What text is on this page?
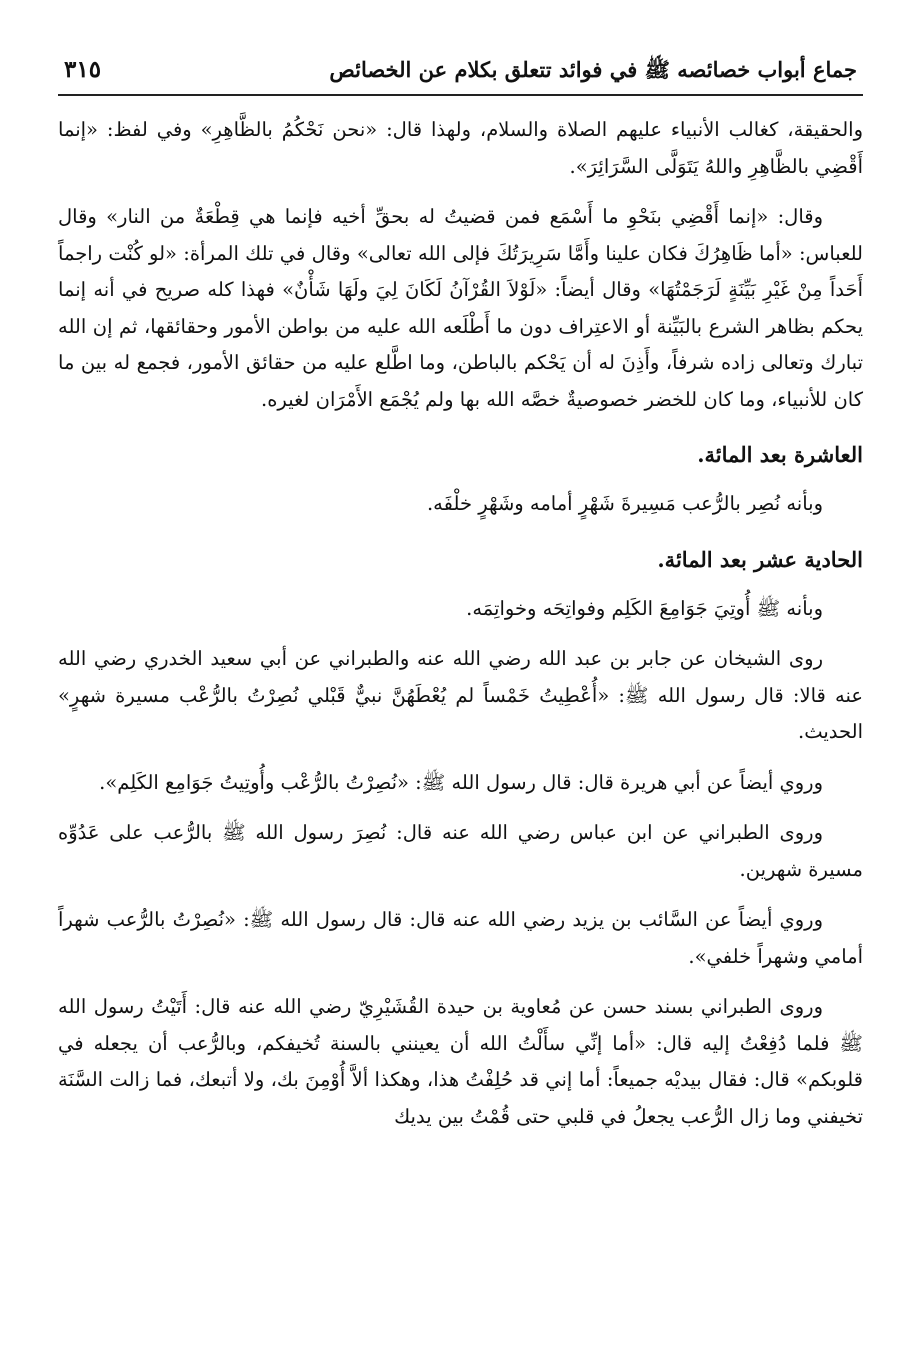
جماع أبواب خصائصه ﷺ في فوائد تتعلق بكلام عن الخصائص
٣١٥

والحقيقة، كغالب الأنبياء عليهم الصلاة والسلام، ولهذا قال: «نحن نَحْكُمُ بالظَّاهِرِ» وفي لفظ: «إنما أَقْضِي بالظَّاهِرِ واللهُ يَتَوَلَّى السَّرَائِرَ».

وقال: «إنما أَقْضِي بنَحْوِ ما أَسْمَع فمن قضيتُ له بحقِّ أخيه فإنما هي قِطْعَةٌ من النار» وقال للعباس: «أما ظَاهِرُكَ فكان علينا وأَمَّا سَرِيرَتُكَ فإلى الله تعالى» وقال في تلك المرأة: «لو كُنْت راجماً أَحَداً مِنْ غَيْرِ بَيِّنَةٍ لَرَجَمْتُهَا» وقال أيضاً: «لَوْلاَ القُرْآنُ لَكَانَ لِيَ ولَهَا شَأْنٌ» فهذا كله صريح في أنه إنما يحكم بظاهر الشرع بالبَيِّنة أو الاعتِراف دون ما أَطْلَعه الله عليه من بواطن الأمور وحقائقها، ثم إن الله تبارك وتعالى زاده شرفاً، وأَذِنَ له أن يَحْكم بالباطن، وما اطَّلع عليه من حقائق الأمور، فجمع له بين ما كان للأنبياء، وما كان للخضر خصوصيةٌ خصَّه الله بها ولم يُجْمَع الأَمْرَان لغيره.

العاشرة بعد المائة.

وبأنه نُصِر بالرُّعب مَسِيرةَ شَهْرٍ أمامه وشَهْرٍ خلْفَه.

الحادية عشر بعد المائة.

وبأنه ﷺ أُوتِيَ جَوَامِعَ الكَلِم وفواتِحَه وخواتِمَه.

روى الشيخان عن جابر بن عبد الله رضي الله عنه والطبراني عن أبي سعيد الخدري رضي الله عنه قالا: قال رسول الله ﷺ: «أُعْطِيتُ خَمْساً لم يُعْطَهُنَّ نبيٌّ قَبْلي نُصِرْتُ بالرُّعْب مسيرة شهرٍ» الحديث.

وروي أيضاً عن أبي هريرة قال: قال رسول الله ﷺ: «نُصِرْتُ بالرُّعْب وأُوتِيتُ جَوَامِع الكَلِم».

وروى الطبراني عن ابن عباس رضي الله عنه قال: نُصِرَ رسول الله ﷺ بالرُّعب على عَدُوِّه مسيرة شهرين.

وروي أيضاً عن السَّائب بن يزيد رضي الله عنه قال: قال رسول الله ﷺ: «نُصِرْتُ بالرُّعب شهراً أمامي وشهراً خلفي».

وروى الطبراني بسند حسن عن مُعاوية بن حيدة القُشَيْرِيّ رضي الله عنه قال: أَتَيْتُ رسول الله ﷺ فلما دُفِعْتُ إليه قال: «أما إنِّي سأَلْتُ الله أن يعينني بالسنة تُخيفكم، وبالرُّعب أن يجعله في قلوبكم» قال: فقال بيديْه جميعاً: أما إني قد حُلِفْتُ هذا، وهكذا ألاَّ أُوْمِنَ بك، ولا أتبعك، فما زالت السَّنَة تخيفني وما زال الرُّعب يجعلُ في قلبي حتى قُمْتُ بين يديك
